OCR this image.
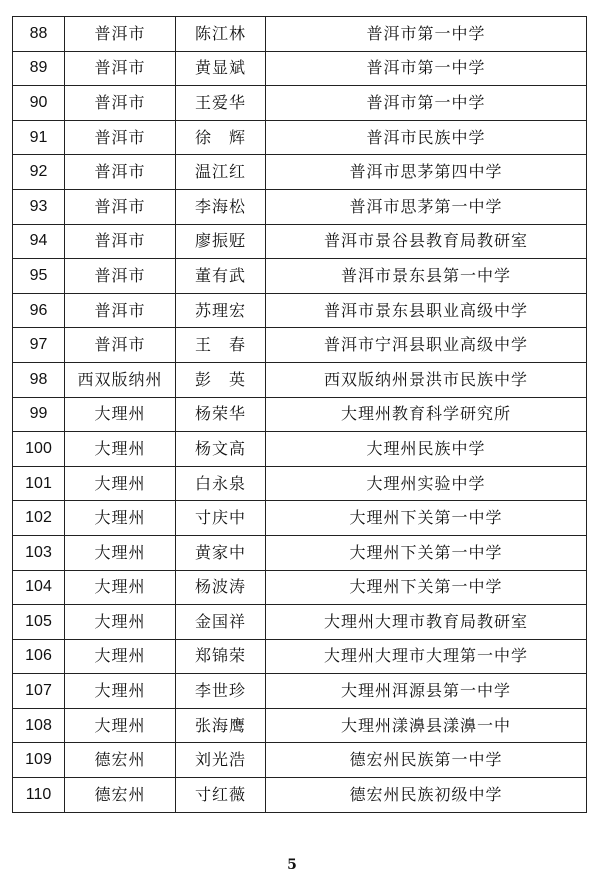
88	普洱市	陈江林	普洱市第一中学
89	普洱市	黄显斌	普洱市第一中学
90	普洱市	王爱华	普洱市第一中学
91	普洱市	徐　辉	普洱市民族中学
92	普洱市	温江红	普洱市思茅第四中学
93	普洱市	李海松	普洱市思茅第一中学
94	普洱市	廖振觃	普洱市景谷县教育局教研室
95	普洱市	董有武	普洱市景东县第一中学
96	普洱市	苏理宏	普洱市景东县职业高级中学
97	普洱市	王　春	普洱市宁洱县职业高级中学
98	西双版纳州	彭　英	西双版纳州景洪市民族中学
99	大理州	杨荣华	大理州教育科学研究所
100	大理州	杨文高	大理州民族中学
101	大理州	白永泉	大理州实验中学
102	大理州	寸庆中	大理州下关第一中学
103	大理州	黄家中	大理州下关第一中学
104	大理州	杨波涛	大理州下关第一中学
105	大理州	金国祥	大理州大理市教育局教研室
106	大理州	郑锦荣	大理州大理市大理第一中学
107	大理州	李世珍	大理州洱源县第一中学
108	大理州	张海鹰	大理州漾濞县漾濞一中
109	德宏州	刘光浩	德宏州民族第一中学
110	德宏州	寸红薇	德宏州民族初级中学
5
